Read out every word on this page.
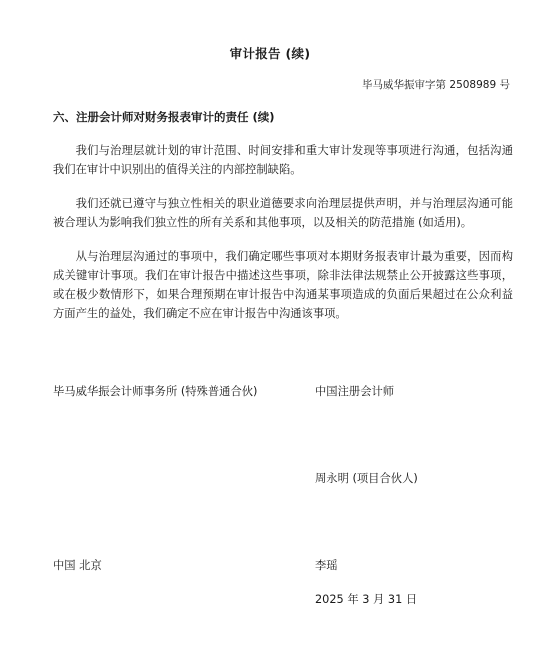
审计报告 (续)
毕马威华振审字第 2508989 号
六、注册会计师对财务报表审计的责任 (续)

我们与治理层就计划的审计范围、时间安排和重大审计发现等事项进行沟通，包括沟通我们在审计中识别出的值得关注的内部控制缺陷。

我们还就已遵守与独立性相关的职业道德要求向治理层提供声明，并与治理层沟通可能被合理认为影响我们独立性的所有关系和其他事项，以及相关的防范措施 (如适用)。

从与治理层沟通过的事项中，我们确定哪些事项对本期财务报表审计最为重要，因而构成关键审计事项。我们在审计报告中描述这些事项，除非法律法规禁止公开披露这些事项，或在极少数情形下，如果合理预期在审计报告中沟通某事项造成的负面后果超过在公众利益方面产生的益处，我们确定不应在审计报告中沟通该事项。

毕马威华振会计师事务所 (特殊普通合伙)	中国注册会计师
周永明 (项目合伙人)
中国 北京	李瑶
2025 年 3 月 31 日
